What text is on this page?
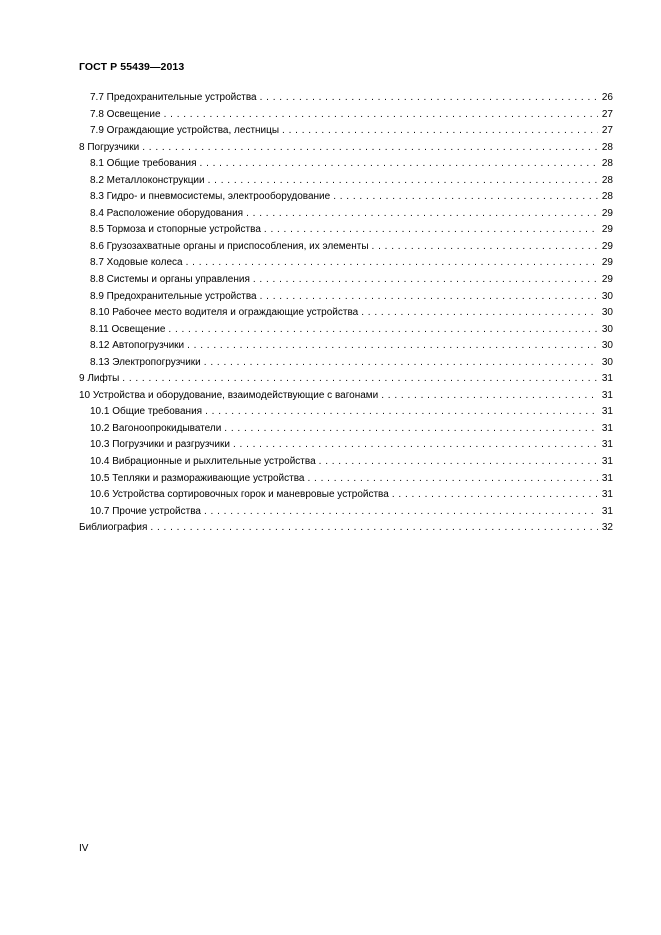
ГОСТ Р 55439—2013
7.7 Предохранительные устройства . . .	26
7.8 Освещение . . .	27
7.9 Ограждающие устройства, лестницы . . .	27
8 Погрузчики . . .	28
8.1 Общие требования . . .	28
8.2 Металлоконструкции . . .	28
8.3 Гидро- и пневмосистемы, электрооборудование . . .	28
8.4 Расположение оборудования . . .	29
8.5 Тормоза и стопорные устройства . . .	29
8.6 Грузозахватные органы и приспособления, их элементы . . .	29
8.7 Ходовые колеса . . .	29
8.8 Системы и органы управления . . .	29
8.9 Предохранительные устройства . . .	30
8.10 Рабочее место водителя и ограждающие устройства . . .	30
8.11 Освещение . . .	30
8.12 Автопогрузчики . . .	30
8.13 Электропогрузчики . . .	30
9 Лифты . . .	31
10 Устройства и оборудование, взаимодействующие с вагонами . . .	31
10.1 Общие требования . . .	31
10.2 Вагоноопрокидыватели . . .	31
10.3 Погрузчики и разгрузчики . . .	31
10.4 Вибрационные и рыхлительные устройства . . .	31
10.5 Тепляки и размораживающие устройства . . .	31
10.6 Устройства сортировочных горок и маневровые устройства . . .	31
10.7 Прочие устройства . . .	31
Библиография . . .	32
IV
